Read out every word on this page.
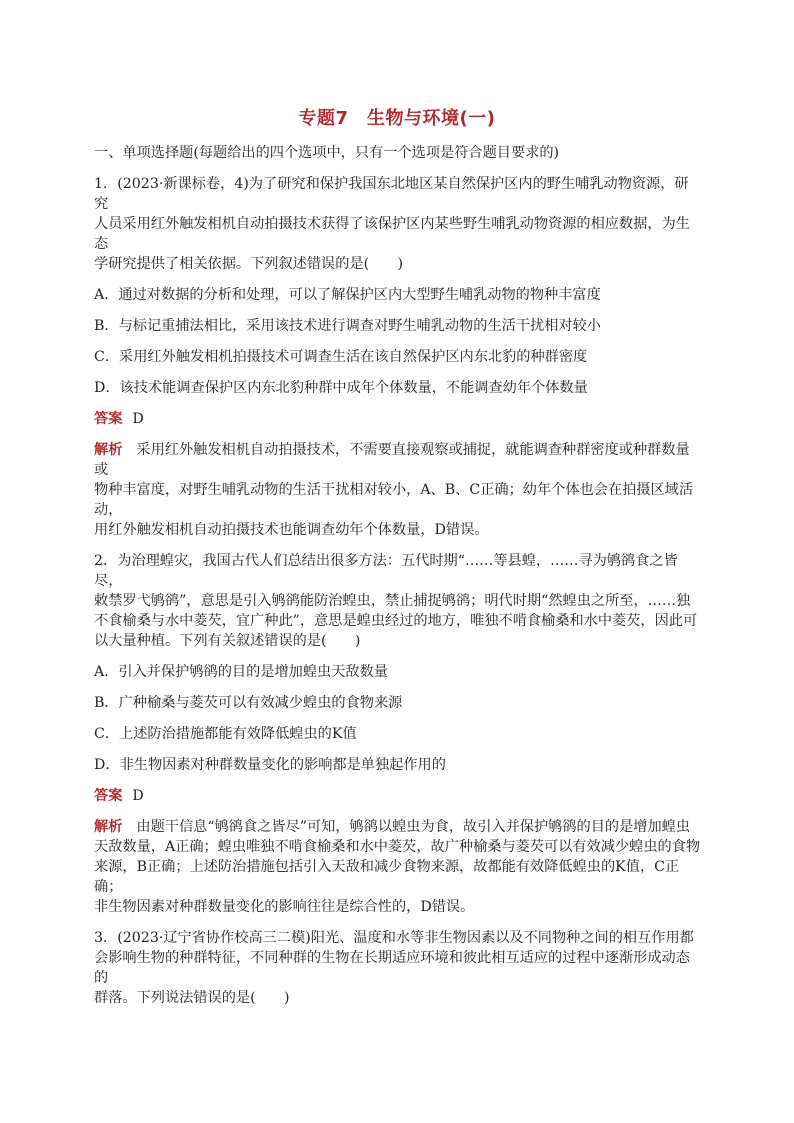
专题7　生物与环境(一)

一、单项选择题(每题给出的四个选项中，只有一个选项是符合题目要求的)

1．(2023·新课标卷，4)为了研究和保护我国东北地区某自然保护区内的野生哺乳动物资源，研究

人员采用红外触发相机自动拍摄技术获得了该保护区内某些野生哺乳动物资源的相应数据，为生态

学研究提供了相关依据。下列叙述错误的是(　　)

A．通过对数据的分析和处理，可以了解保护区内大型野生哺乳动物的物种丰富度

B．与标记重捕法相比，采用该技术进行调查对野生哺乳动物的生活干扰相对较小

C．采用红外触发相机拍摄技术可调查生活在该自然保护区内东北豹的种群密度

D．该技术能调查保护区内东北豹种群中成年个体数量，不能调查幼年个体数量

答案 D

解析 采用红外触发相机自动拍摄技术，不需要直接观察或捕捉，就能调查种群密度或种群数量或

物种丰富度，对野生哺乳动物的生活干扰相对较小，A、B、C正确；幼年个体也会在拍摄区域活动，

用红外触发相机自动拍摄技术也能调查幼年个体数量，D错误。

2．为治理蝗灾，我国古代人们总结出很多方法：五代时期“……等县蝗，……寻为鸲鹆食之皆尽，

敕禁罗弋鸲鹆”，意思是引入鸲鹆能防治蝗虫，禁止捕捉鸲鹆；明代时期“然蝗虫之所至，……独

不食榆桑与水中菱芡，宜广种此”，意思是蝗虫经过的地方，唯独不啃食榆桑和水中菱芡，因此可

以大量种植。下列有关叙述错误的是(　　)

A．引入并保护鸲鹆的目的是增加蝗虫天敌数量

B．广种榆桑与菱芡可以有效减少蝗虫的食物来源

C．上述防治措施都能有效降低蝗虫的K值

D．非生物因素对种群数量变化的影响都是单独起作用的

答案 D

解析 由题干信息“鸲鹆食之皆尽”可知，鸲鹆以蝗虫为食，故引入并保护鸲鹆的目的是增加蝗虫

天敌数量，A正确；蝗虫唯独不啃食榆桑和水中菱芡，故广种榆桑与菱芡可以有效减少蝗虫的食物

来源，B正确；上述防治措施包括引入天敌和减少食物来源，故都能有效降低蝗虫的K值，C正确；

非生物因素对种群数量变化的影响往往是综合性的，D错误。

3．(2023·辽宁省协作校高三二模)阳光、温度和水等非生物因素以及不同物种之间的相互作用都

会影响生物的种群特征，不同种群的生物在长期适应环境和彼此相互适应的过程中逐渐形成动态的

群落。下列说法错误的是(　　)
